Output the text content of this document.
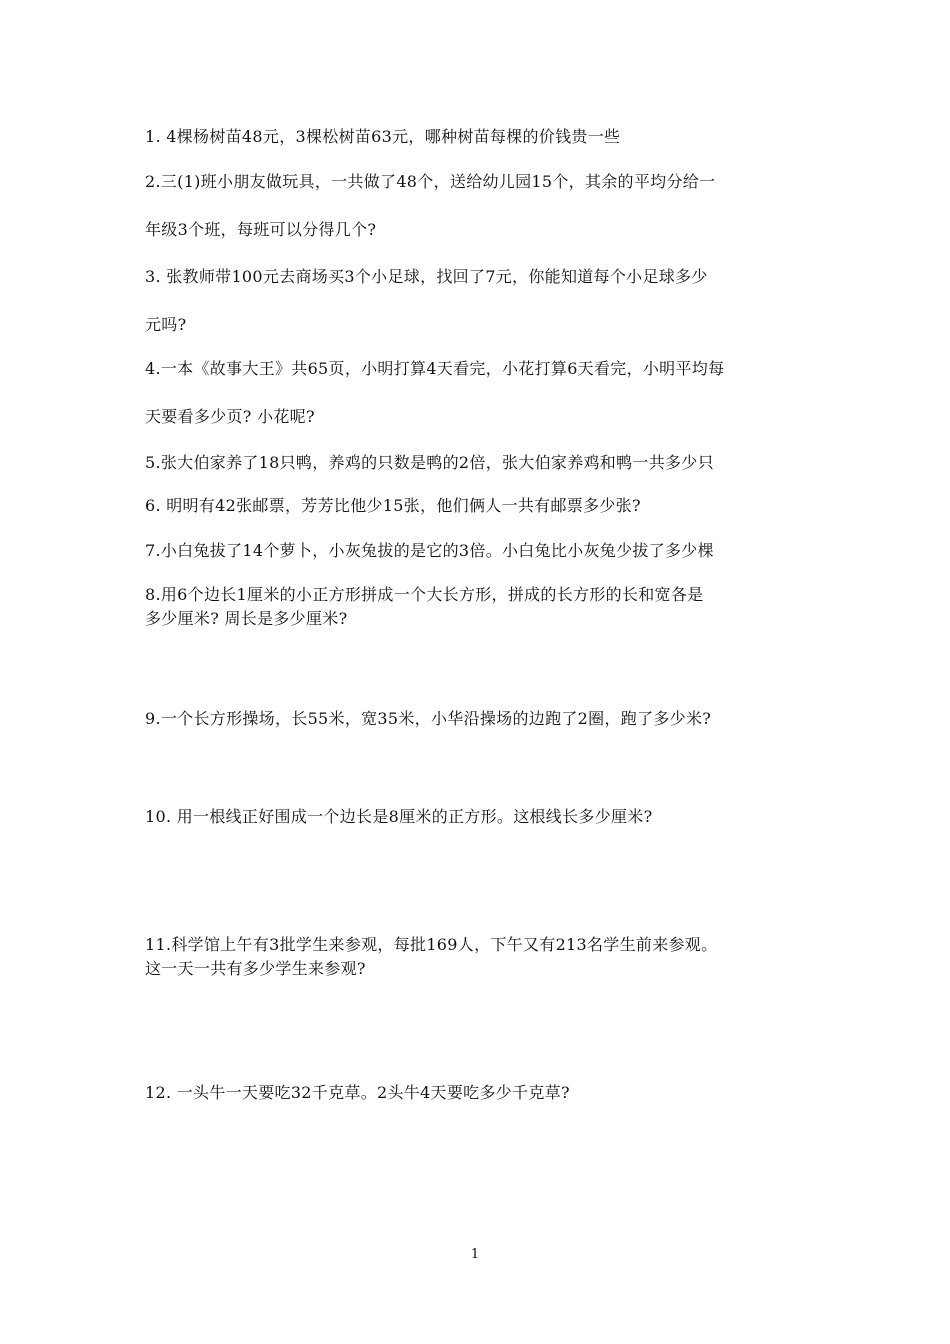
1. 4棵杨树苗48元，3棵松树苗63元，哪种树苗每棵的价钱贵一些
2.三(1)班小朋友做玩具，一共做了48个，送给幼儿园15个，其余的平均分给一
年级3个班，每班可以分得几个?
3. 张教师带100元去商场买3个小足球，找回了7元，你能知道每个小足球多少
元吗?
4.一本《故事大王》共65页，小明打算4天看完，小花打算6天看完，小明平均每
天要看多少页? 小花呢?
5.张大伯家养了18只鸭，养鸡的只数是鸭的2倍，张大伯家养鸡和鸭一共多少只
6. 明明有42张邮票，芳芳比他少15张，他们俩人一共有邮票多少张?
7.小白兔拔了14个萝卜，小灰兔拔的是它的3倍。小白兔比小灰兔少拔了多少棵
8.用6个边长1厘米的小正方形拼成一个大长方形，拼成的长方形的长和宽各是
多少厘米? 周长是多少厘米?
9.一个长方形操场，长55米，宽35米，小华沿操场的边跑了2圈，跑了多少米?
10. 用一根线正好围成一个边长是8厘米的正方形。这根线长多少厘米?
11.科学馆上午有3批学生来参观，每批169人，下午又有213名学生前来参观。
这一天一共有多少学生来参观?
12. 一头牛一天要吃32千克草。2头牛4天要吃多少千克草?
1
